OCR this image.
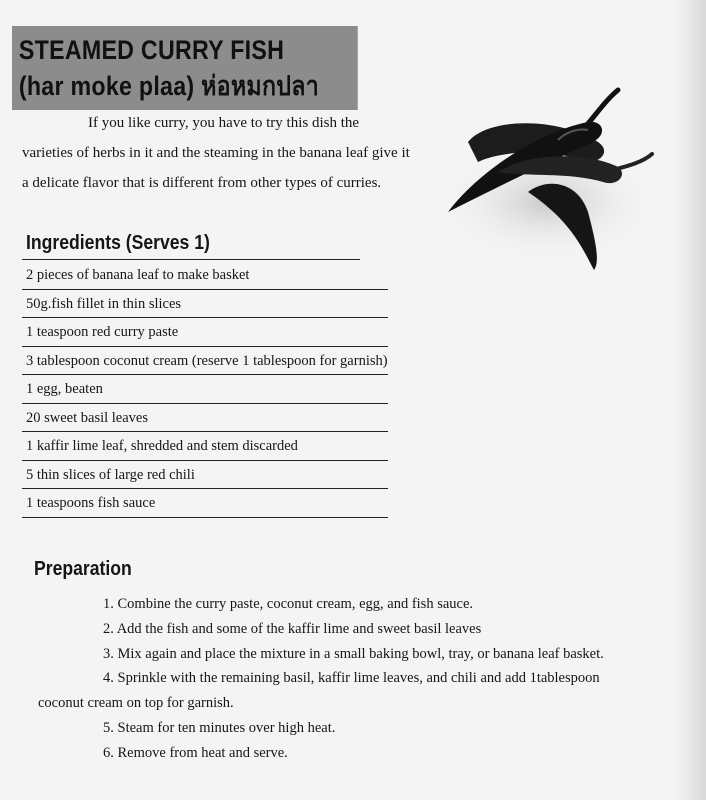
STEAMED CURRY FISH
(har moke plaa) ห่อหมกปลา

If you like curry, you have to try this dish the

varieties of herbs in it and the steaming in the banana leaf give it

a delicate flavor that is different from other types of curries.

Ingredients (Serves 1)
2 pieces of banana leaf to make basket
50g.fish fillet in thin slices
1 teaspoon red curry paste
3 tablespoon coconut cream (reserve 1 tablespoon for garnish)
1 egg, beaten
20 sweet basil leaves
1 kaffir lime leaf, shredded and stem discarded
5 thin slices of large red chili
1 teaspoons fish sauce
Preparation

1. Combine the curry paste, coconut cream, egg, and fish sauce.

2. Add the fish and some of the kaffir lime and sweet basil leaves

3. Mix again and place the mixture in a small baking bowl, tray, or banana leaf basket.

4. Sprinkle with the remaining basil, kaffir lime leaves, and chili and add 1tablespoon

coconut cream on top for garnish.

5. Steam for ten minutes over high heat.

6. Remove from heat and serve.
